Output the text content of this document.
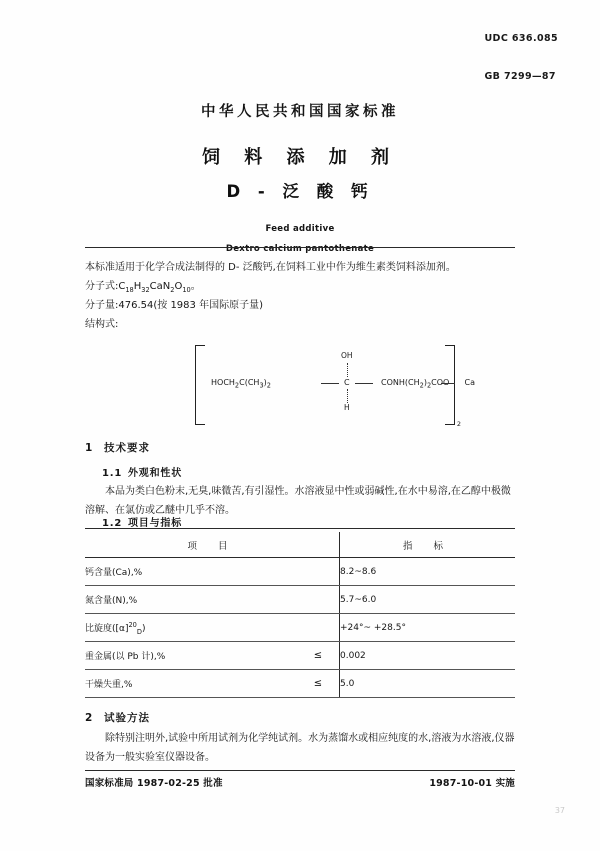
中华人民共和国国家标准
UDC 636.085
GB 7299—87
饲 料 添 加 剂
D - 泛 酸 钙
Feed additive
Dextro calcium pantothenate
本标准适用于化学合成法制得的 D- 泛酸钙,在饲料工业中作为维生素类饲料添加剂。
分子式$:C_{18}H_{32}CaN_2O_{10}$。
分子量:476.54(按 1983 年国际原子量)
结构式:
2
Ca
$HOCH_2C(CH_3)_2$
OH
C
H
$CONH(CH_2)_2COO$
1 技术要求
1.1 外观和性状
本品为类白色粉末,无臭,味微苦,有引湿性。水溶液显中性或弱碱性,在水中易溶,在乙醇中极微
溶解、在氯仿或乙醚中几乎不溶。
1.2 项目与指标
项 目		指 标
钙含量(Ca),%		8.2~8.6
氮含量(N),%		5.7~6.0
比旋度$([\alpha]^{20}_D)$		+24°~ +28.5°
重金属(以 Pb 计),%	≤	0.002
干燥失重,%	≤	5.0
2 试验方法
除特别注明外,试验中所用试剂为化学纯试剂。水为蒸馏水或相应纯度的水,溶液为水溶液,仪器
设备为一般实验室仪器设备。
国家标准局 1987-02-25 批准	1987-10-01 实施
37
